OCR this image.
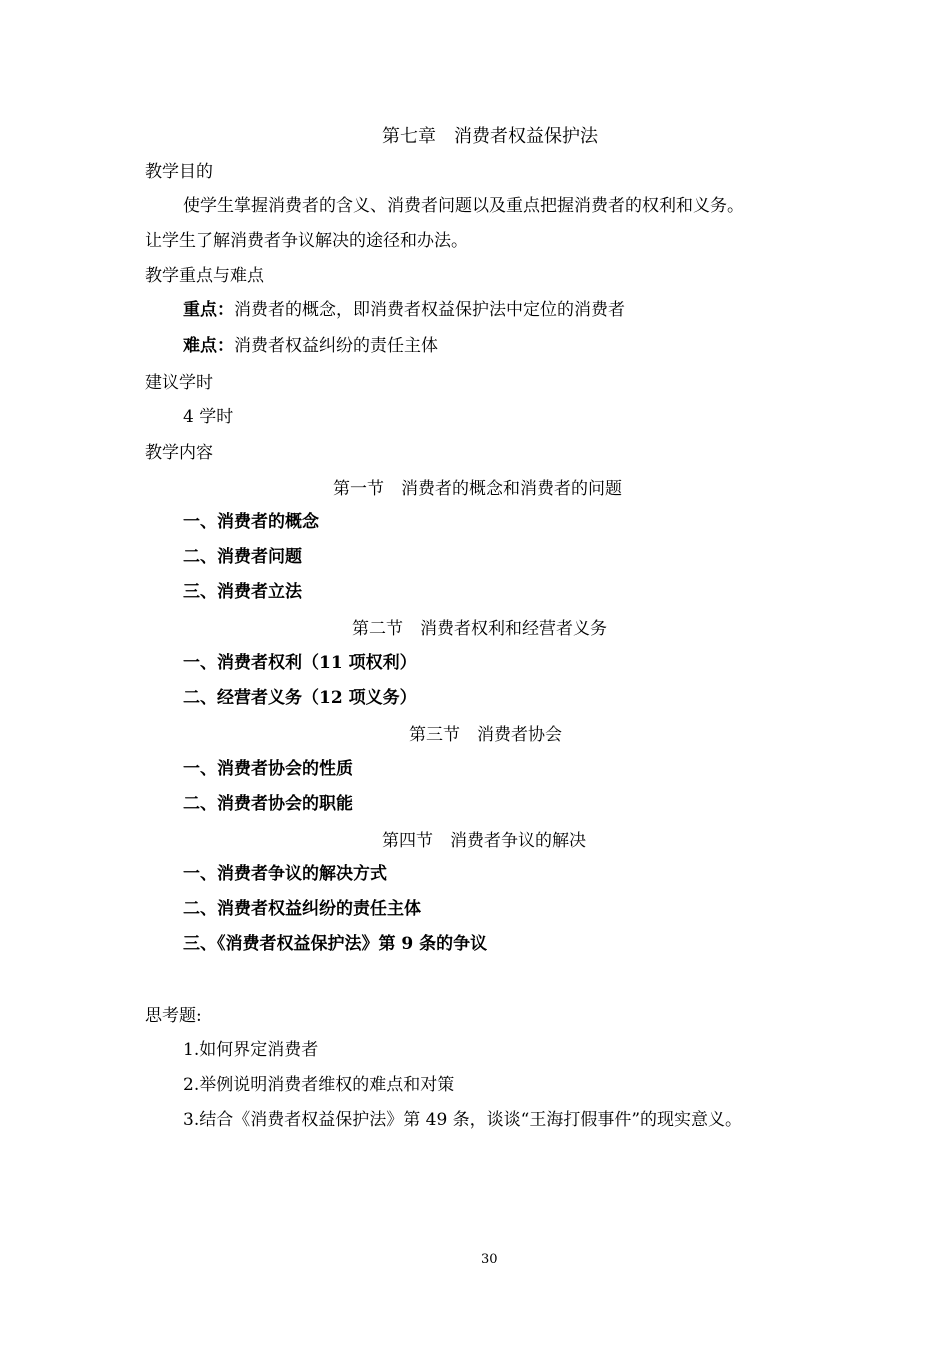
第七章　消费者权益保护法
教学目的
使学生掌握消费者的含义、消费者问题以及重点把握消费者的权利和义务。
让学生了解消费者争议解决的途径和办法。
教学重点与难点
重点：消费者的概念，即消费者权益保护法中定位的消费者
难点：消费者权益纠纷的责任主体
建议学时
4 学时
教学内容
第一节　消费者的概念和消费者的问题
一、消费者的概念
二、消费者问题
三、消费者立法
第二节　消费者权利和经营者义务
一、消费者权利（11 项权利）
二、经营者义务（12 项义务）
第三节　消费者协会
一、消费者协会的性质
二、消费者协会的职能
第四节　消费者争议的解决
一、消费者争议的解决方式
二、消费者权益纠纷的责任主体
三、《消费者权益保护法》第 9 条的争议
思考题:
1.如何界定消费者
2.举例说明消费者维权的难点和对策
3.结合《消费者权益保护法》第 49 条，谈谈“王海打假事件”的现实意义。
30
